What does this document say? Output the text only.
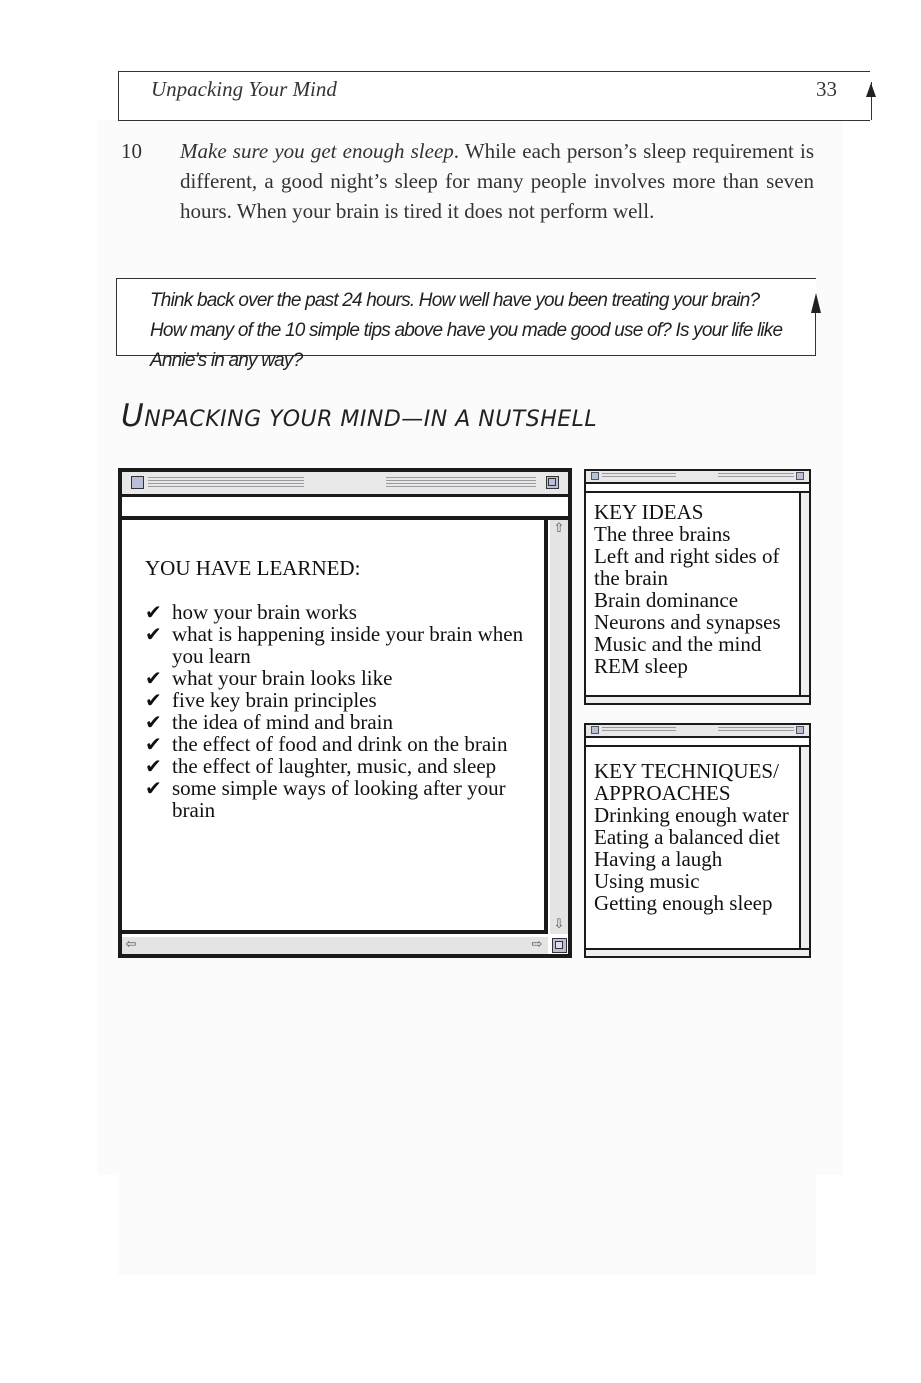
Unpacking Your Mind	33
10 Make sure you get enough sleep. While each person’s sleep requirement is different, a good night’s sleep for many people involves more than seven hours. When your brain is tired it does not perform well.
Think back over the past 24 hours. How well have you been treating your brain? How many of the 10 simple tips above have you made good use of? Is your life like Annie’s in any way?
UNPACKING YOUR MIND—IN A NUTSHELL
YOU HAVE LEARNED:
✔ how your brain works
✔ what is happening inside your brain when you learn
✔ what your brain looks like
✔ five key brain principles
✔ the idea of mind and brain
✔ the effect of food and drink on the brain
✔ the effect of laughter, music, and sleep
✔ some simple ways of looking after your brain
⇧
⇩
⇦	⇨
KEY IDEAS
The three brains
Left and right sides of
the brain
Brain dominance
Neurons and synapses
Music and the mind
REM sleep
KEY TECHNIQUES/
APPROACHES
Drinking enough water
Eating a balanced diet
Having a laugh
Using music
Getting enough sleep
